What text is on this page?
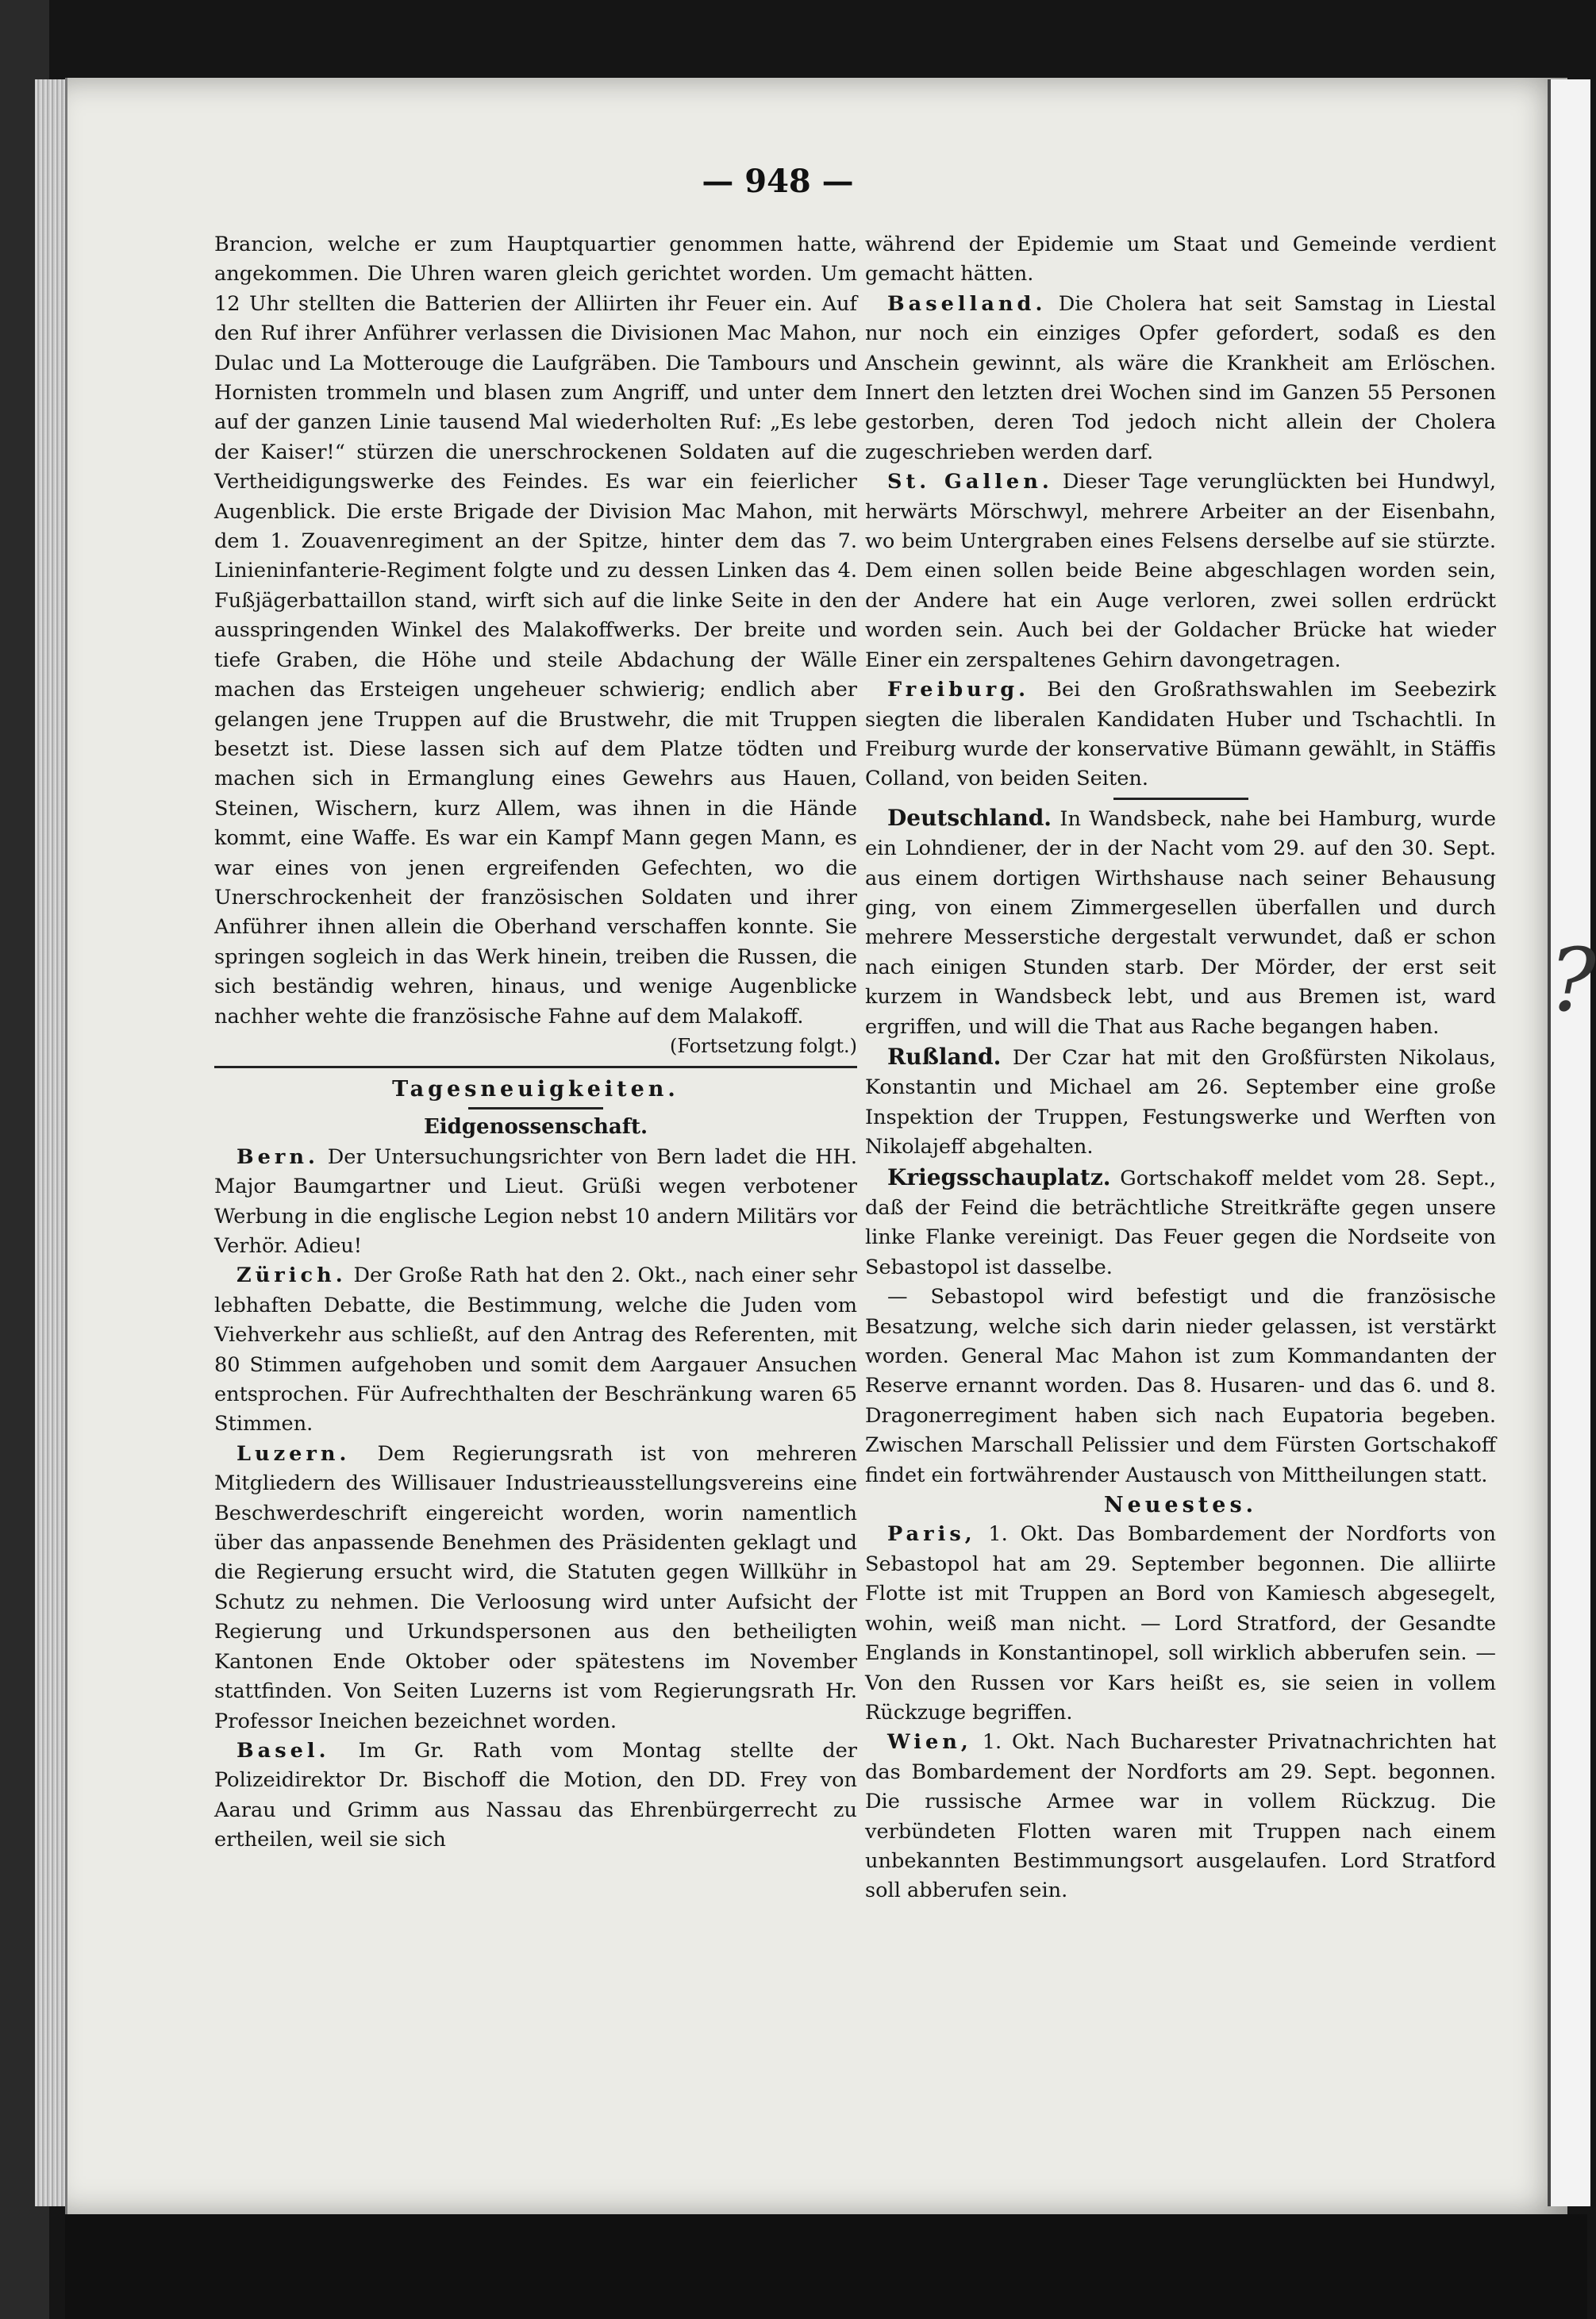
?
— 948 —

Brancion, welche er zum Hauptquartier genommen hatte, angekommen. Die Uhren waren gleich gerichtet worden. Um 12 Uhr stellten die Batterien der Alliirten ihr Feuer ein. Auf den Ruf ihrer Anführer verlassen die Divisionen Mac Mahon, Dulac und La Motterouge die Laufgräben. Die Tambours und Hornisten trommeln und blasen zum Angriff, und unter dem auf der ganzen Linie tausend Mal wiederholten Ruf: „Es lebe der Kaiser!“ stürzen die unerschrockenen Soldaten auf die Vertheidigungswerke des Feindes. Es war ein feierlicher Augenblick. Die erste Brigade der Division Mac Mahon, mit dem 1. Zouavenregiment an der Spitze, hinter dem das 7. Linieninfanterie-Regiment folgte und zu dessen Linken das 4. Fußjägerbattaillon stand, wirft sich auf die linke Seite in den ausspringenden Winkel des Malakoffwerks. Der breite und tiefe Graben, die Höhe und steile Abdachung der Wälle machen das Ersteigen ungeheuer schwierig; endlich aber gelangen jene Truppen auf die Brustwehr, die mit Truppen besetzt ist. Diese lassen sich auf dem Platze tödten und machen sich in Ermanglung eines Gewehrs aus Hauen, Steinen, Wischern, kurz Allem, was ihnen in die Hände kommt, eine Waffe. Es war ein Kampf Mann gegen Mann, es war eines von jenen ergreifenden Gefechten, wo die Unerschrockenheit der französischen Soldaten und ihrer Anführer ihnen allein die Oberhand verschaffen konnte. Sie springen sogleich in das Werk hinein, treiben die Russen, die sich beständig wehren, hinaus, und wenige Augenblicke nachher wehte die französische Fahne auf dem Malakoff.

(Fortsetzung folgt.)

Tagesneuigkeiten.

Eidgenossenschaft.

Bern. Der Untersuchungsrichter von Bern ladet die HH. Major Baumgartner und Lieut. Grüßi wegen verbotener Werbung in die englische Legion nebst 10 andern Militärs vor Verhör. Adieu!

Zürich. Der Große Rath hat den 2. Okt., nach einer sehr lebhaften Debatte, die Bestimmung, welche die Juden vom Viehverkehr aus schließt, auf den Antrag des Referenten, mit 80 Stimmen aufgehoben und somit dem Aargauer Ansuchen entsprochen. Für Aufrechthalten der Beschränkung waren 65 Stimmen.

Luzern. Dem Regierungsrath ist von mehreren Mitgliedern des Willisauer Industrieausstellungsvereins eine Beschwerdeschrift eingereicht worden, worin namentlich über das anpassende Benehmen des Präsidenten geklagt und die Regierung ersucht wird, die Statuten gegen Willkühr in Schutz zu nehmen. Die Verloosung wird unter Aufsicht der Regierung und Urkundspersonen aus den betheiligten Kantonen Ende Oktober oder spätestens im November stattfinden. Von Seiten Luzerns ist vom Regierungsrath Hr. Professor Ineichen bezeichnet worden.

Basel. Im Gr. Rath vom Montag stellte der Polizeidirektor Dr. Bischoff die Motion, den DD. Frey von Aarau und Grimm aus Nassau das Ehrenbürgerrecht zu ertheilen, weil sie sich

während der Epidemie um Staat und Gemeinde verdient gemacht hätten.

Baselland. Die Cholera hat seit Samstag in Liestal nur noch ein einziges Opfer gefordert, sodaß es den Anschein gewinnt, als wäre die Krankheit am Erlöschen. Innert den letzten drei Wochen sind im Ganzen 55 Personen gestorben, deren Tod jedoch nicht allein der Cholera zugeschrieben werden darf.

St. Gallen. Dieser Tage verunglückten bei Hundwyl, herwärts Mörschwyl, mehrere Arbeiter an der Eisenbahn, wo beim Untergraben eines Felsens derselbe auf sie stürzte. Dem einen sollen beide Beine abgeschlagen worden sein, der Andere hat ein Auge verloren, zwei sollen erdrückt worden sein. Auch bei der Goldacher Brücke hat wieder Einer ein zerspaltenes Gehirn davongetragen.

Freiburg. Bei den Großrathswahlen im Seebezirk siegten die liberalen Kandidaten Huber und Tschachtli. In Freiburg wurde der konservative Bümann gewählt, in Stäffis Colland, von beiden Seiten.

Deutschland. In Wandsbeck, nahe bei Hamburg, wurde ein Lohndiener, der in der Nacht vom 29. auf den 30. Sept. aus einem dortigen Wirthshause nach seiner Behausung ging, von einem Zimmergesellen überfallen und durch mehrere Messerstiche dergestalt verwundet, daß er schon nach einigen Stunden starb. Der Mörder, der erst seit kurzem in Wandsbeck lebt, und aus Bremen ist, ward ergriffen, und will die That aus Rache begangen haben.

Rußland. Der Czar hat mit den Großfürsten Nikolaus, Konstantin und Michael am 26. September eine große Inspektion der Truppen, Festungswerke und Werften von Nikolajeff abgehalten.

Kriegsschauplatz. Gortschakoff meldet vom 28. Sept., daß der Feind die beträchtliche Streitkräfte gegen unsere linke Flanke vereinigt. Das Feuer gegen die Nordseite von Sebastopol ist dasselbe.

— Sebastopol wird befestigt und die französische Besatzung, welche sich darin nieder gelassen, ist verstärkt worden. General Mac Mahon ist zum Kommandanten der Reserve ernannt worden. Das 8. Husaren- und das 6. und 8. Dragonerregiment haben sich nach Eupatoria begeben. Zwischen Marschall Pelissier und dem Fürsten Gortschakoff findet ein fortwährender Austausch von Mittheilungen statt.

Neuestes.

Paris, 1. Okt. Das Bombardement der Nordforts von Sebastopol hat am 29. September begonnen. Die alliirte Flotte ist mit Truppen an Bord von Kamiesch abgesegelt, wohin, weiß man nicht. — Lord Stratford, der Gesandte Englands in Konstantinopel, soll wirklich abberufen sein. — Von den Russen vor Kars heißt es, sie seien in vollem Rückzuge begriffen.

Wien, 1. Okt. Nach Bucharester Privatnachrichten hat das Bombardement der Nordforts am 29. Sept. begonnen. Die russische Armee war in vollem Rückzug. Die verbündeten Flotten waren mit Truppen nach einem unbekannten Bestimmungsort ausgelaufen. Lord Stratford soll abberufen sein.
